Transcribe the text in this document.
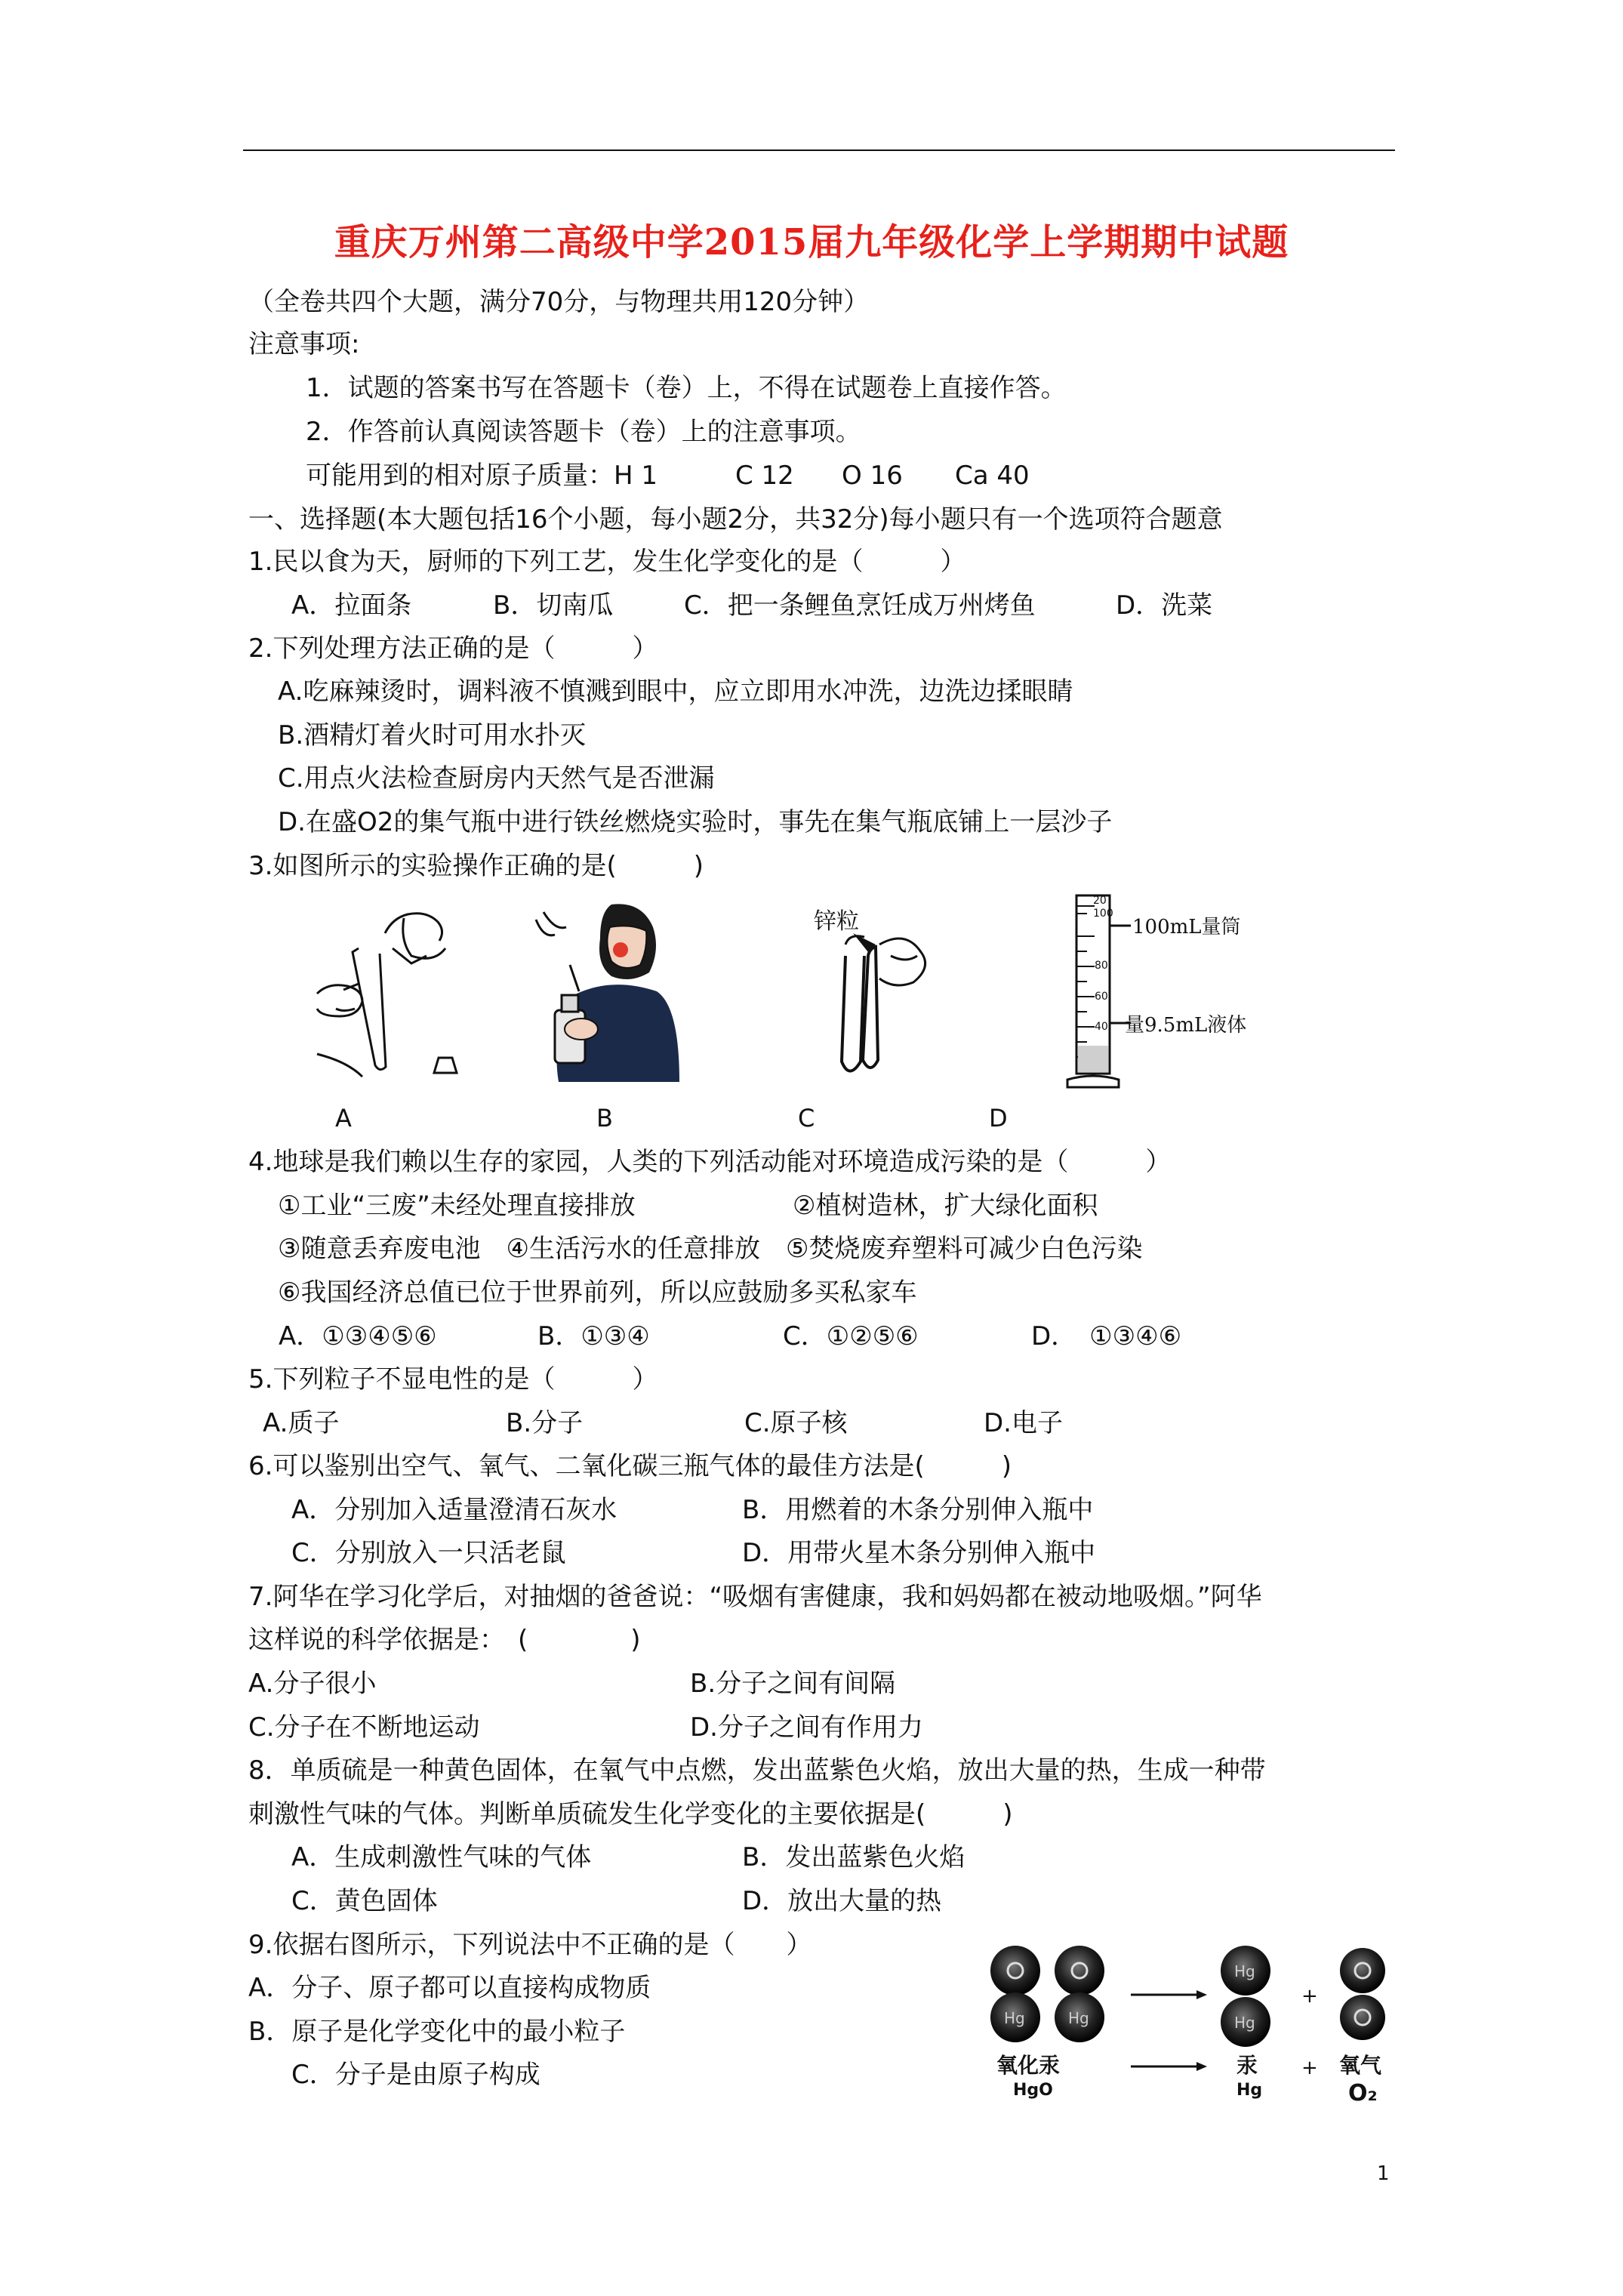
重庆万州第二高级中学2015届九年级化学上学期期中试题
（全卷共四个大题，满分70分，与物理共用120分钟）
注意事项:
1．试题的答案书写在答题卡（卷）上，不得在试题卷上直接作答。
2．作答前认真阅读答题卡（卷）上的注意事项。
可能用到的相对原子质量：H 1	C 12 O 16 Ca 40
一、选择题(本大题包括16个小题，每小题2分，共32分)每小题只有一个选项符合题意
1.民以食为天，厨师的下列工艺，发生化学变化的是（　　　）
A．拉面条	B．切南瓜	C．把一条鲤鱼烹饪成万州烤鱼	D．洗菜
2.下列处理方法正确的是（　　　）
A.吃麻辣烫时，调料液不慎溅到眼中，应立即用水冲洗，边洗边揉眼睛
B.酒精灯着火时可用水扑灭
C.用点火法检查厨房内天然气是否泄漏
D.在盛O2的集气瓶中进行铁丝燃烧实验时，事先在集气瓶底铺上一层沙子
3.如图所示的实验操作正确的是(　　　)
锌粒
20
100
80
60
40
100mL量筒
量9.5mL液体
A	B	C	D
4.地球是我们赖以生存的家园，人类的下列活动能对环境造成污染的是（　　　）
①工业“三废”未经处理直接排放	②植树造林，扩大绿化面积
③随意丢弃废电池　④生活污水的任意排放　⑤焚烧废弃塑料可减少白色污染
⑥我国经济总值已位于世界前列，所以应鼓励多买私家车
A．①③④⑤⑥	B．①③④	C．①②⑤⑥	D．　①③④⑥
5.下列粒子不显电性的是（　　　）
A.质子	B.分子	C.原子核	D.电子
6.可以鉴别出空气、氧气、二氧化碳三瓶气体的最佳方法是(　　　)
A．分别加入适量澄清石灰水	B．用燃着的木条分别伸入瓶中
C．分别放入一只活老鼠	D．用带火星木条分别伸入瓶中
7.阿华在学习化学后，对抽烟的爸爸说：“吸烟有害健康，我和妈妈都在被动地吸烟。”阿华
这样说的科学依据是：　(　　　　)
A.分子很小	B.分子之间有间隔
C.分子在不断地运动	D.分子之间有作用力
8．单质硫是一种黄色固体，在氧气中点燃，发出蓝紫色火焰，放出大量的热，生成一种带
刺激性气味的气体。判断单质硫发生化学变化的主要依据是(　　　)
A．生成刺激性气味的气体	B．发出蓝紫色火焰
C．黄色固体	D．放出大量的热
9.依据右图所示，下列说法中不正确的是（　　）
A．分子、原子都可以直接构成物质
B．原子是化学变化中的最小粒子
C．分子是由原子构成
Hg	Hg
Hg
Hg
+
氧化汞
HgO
汞
Hg
+ 氧气
O₂
1
